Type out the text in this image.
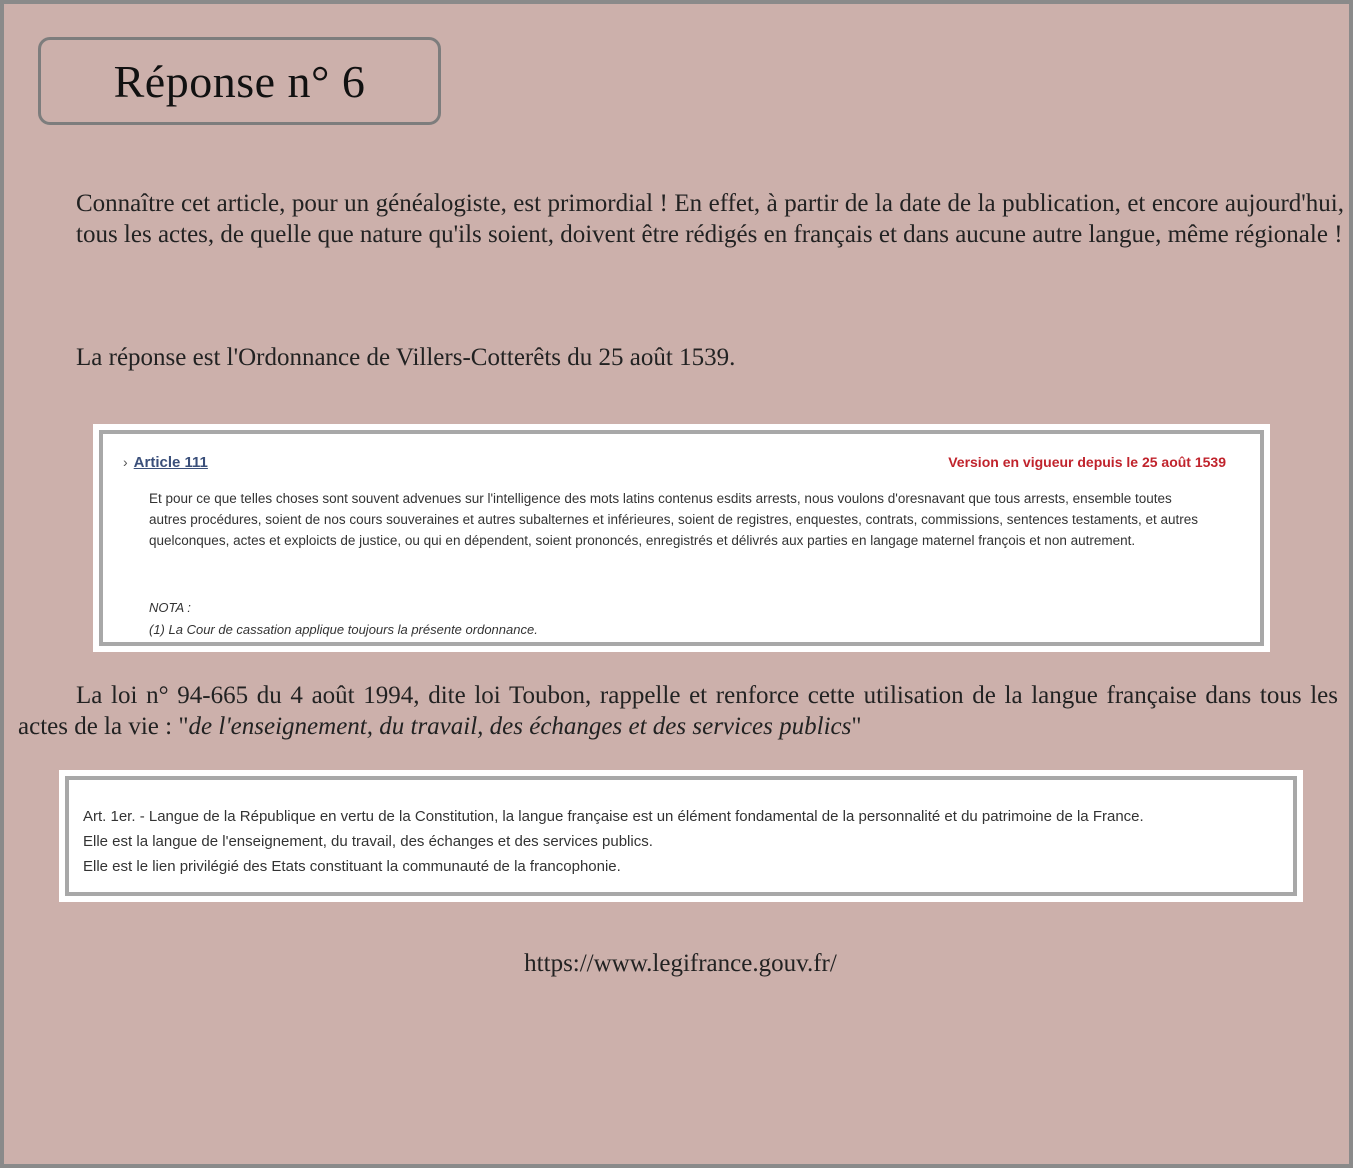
Réponse n° 6
Connaître cet article, pour un généalogiste, est primordial ! En effet, à partir de la date de la publication, et encore aujourd'hui, tous les actes, de quelle que nature qu'ils soient, doivent être rédigés en français et dans aucune autre langue, même régionale !
La réponse est l'Ordonnance de Villers-Cotterêts du 25 août 1539.
› Article 111	Version en vigueur depuis le 25 août 1539
Et pour ce que telles choses sont souvent advenues sur l'intelligence des mots latins contenus esdits arrests, nous voulons d'oresnavant que tous arrests, ensemble toutes autres procédures, soient de nos cours souveraines et autres subalternes et inférieures, soient de registres, enquestes, contrats, commissions, sentences testaments, et autres quelconques, actes et exploicts de justice, ou qui en dépendent, soient prononcés, enregistrés et délivrés aux parties en langage maternel françois et non autrement.
NOTA :
(1) La Cour de cassation applique toujours la présente ordonnance.
La loi n° 94-665 du 4 août 1994, dite loi Toubon, rappelle et renforce cette utilisation de la langue française dans tous les actes de la vie : "de l'enseignement, du travail, des échanges et des services publics"
Art. 1er. - Langue de la République en vertu de la Constitution, la langue française est un élément fondamental de la personnalité et du patrimoine de la France.
Elle est la langue de l'enseignement, du travail, des échanges et des services publics.
Elle est le lien privilégié des Etats constituant la communauté de la francophonie.
https://www.legifrance.gouv.fr/
